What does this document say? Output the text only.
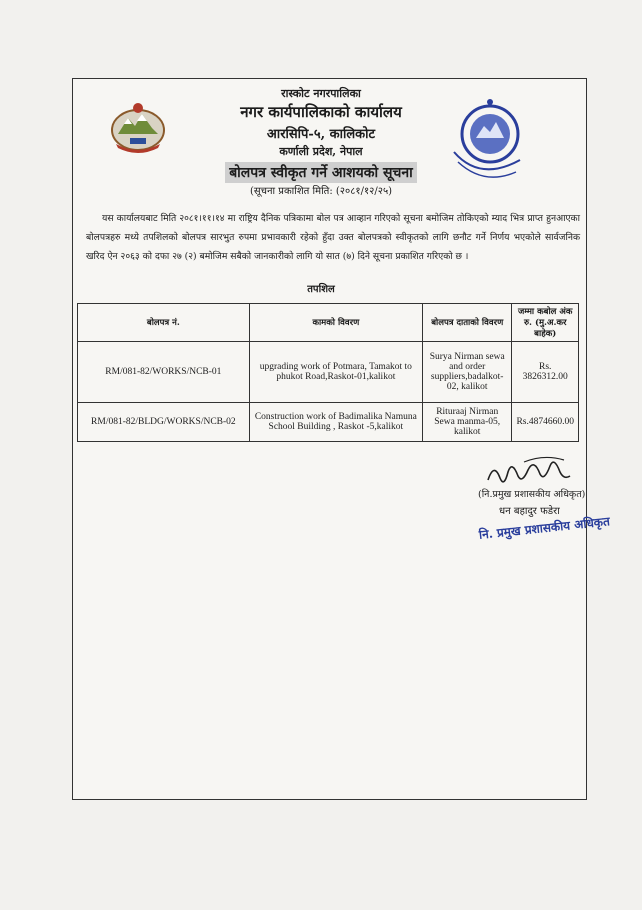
रास्कोट नगरपालिका
नगर कार्यपालिकाको कार्यालय
आरसिपि-५, कालिकोट
कर्णाली प्रदेश, नेपाल
बोलपत्र स्वीकृत गर्ने आशयको सूचना
(सूचना प्रकाशित मिति: (२०८१/१२/२५)

यस कार्यालयबाट मिति २०८१।११।१४ मा राष्ट्रिय दैनिक पत्रिकामा बोल पत्र आव्हान गरिएको सूचना बमोजिम तोकिएको म्याद भित्र प्राप्त हुनआएका बोलपत्रहरु मध्ये तपशिलको बोलपत्र सारभुत रुपमा प्रभावकारी रहेको हुँदा उक्त बोलपत्रको स्वीकृतको लागि छनौट गर्ने निर्णय भएकोले सार्वजनिक खरिद ऐन २०६३ को दफा २७ (२) बमोजिम सबैको जानकारीको लागि यो सात (७) दिने सूचना प्रकाशित गरिएको छ ।

तपशिल
बोलपत्र नं.	कामको विवरण	बोलपत्र दाताको विवरण	जम्मा कबोल अंक रु. (मु.अ.कर बाहेक)
RM/081-82/WORKS/NCB-01	upgrading work of Potmara, Tamakot to phukot Road,Raskot-01,kalikot	Surya Nirman sewa and order suppliers,badalkot-02, kalikot	Rs. 3826312.00
RM/081-82/BLDG/WORKS/NCB-02	Construction work of Badimalika Namuna School Building , Raskot -5,kalikot	Rituraaj Nirman Sewa manma-05, kalikot	Rs.4874660.00
(नि.प्रमुख प्रशासकीय अधिकृत)
धन बहादुर फडेरा
नि. प्रमुख प्रशासकीय अधिकृत
